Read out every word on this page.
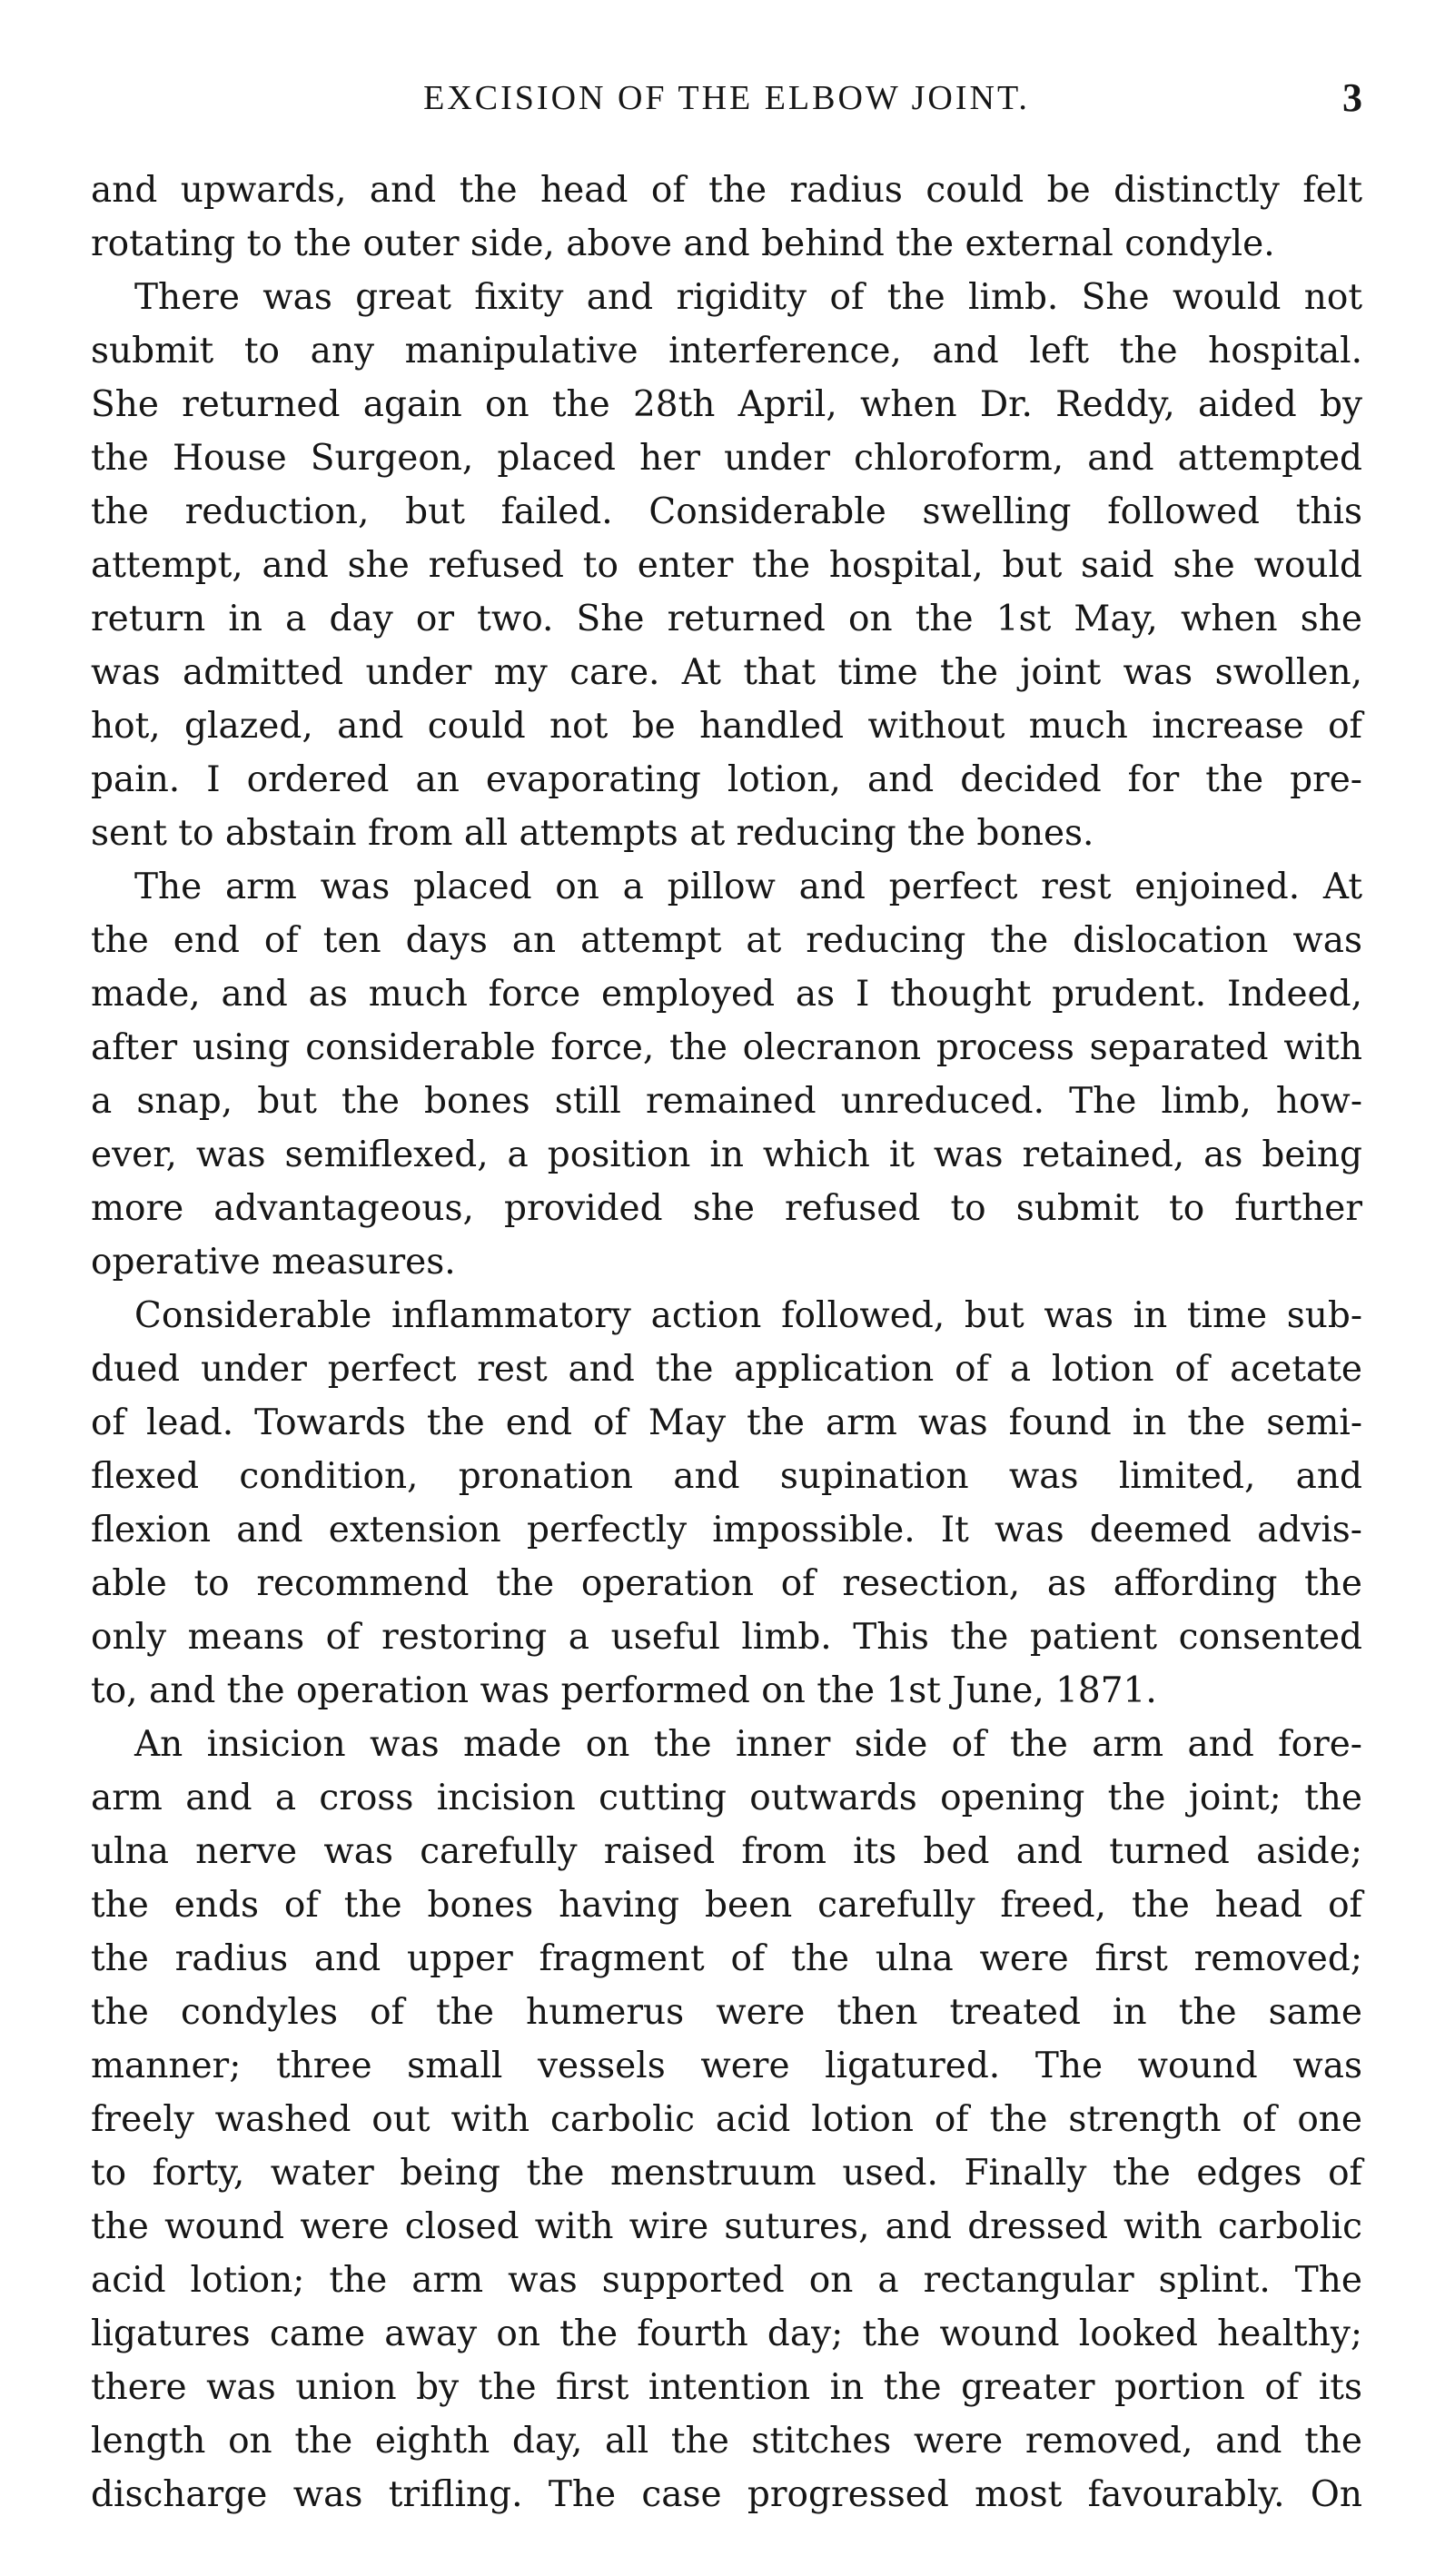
EXCISION OF THE ELBOW JOINT.	3
and upwards, and the head of the radius could be distinctly felt
rotating to the outer side, above and behind the external condyle.
There was great fixity and rigidity of the limb. She would not
submit to any manipulative interference, and left the hospital.
She returned again on the 28th April, when Dr. Reddy, aided by
the House Surgeon, placed her under chloroform, and attempted
the reduction, but failed. Considerable swelling followed this
attempt, and she refused to enter the hospital, but said she would
return in a day or two. She returned on the 1st May, when she
was admitted under my care. At that time the joint was swollen,
hot, glazed, and could not be handled without much increase of
pain. I ordered an evaporating lotion, and decided for the pre-
sent to abstain from all attempts at reducing the bones.
The arm was placed on a pillow and perfect rest enjoined. At
the end of ten days an attempt at reducing the dislocation was
made, and as much force employed as I thought prudent. Indeed,
after using considerable force, the olecranon process separated with
a snap, but the bones still remained unreduced. The limb, how-
ever, was semiflexed, a position in which it was retained, as being
more advantageous, provided she refused to submit to further
operative measures.
Considerable inflammatory action followed, but was in time sub-
dued under perfect rest and the application of a lotion of acetate
of lead. Towards the end of May the arm was found in the semi-
flexed condition, pronation and supination was limited, and
flexion and extension perfectly impossible. It was deemed advis-
able to recommend the operation of resection, as affording the
only means of restoring a useful limb. This the patient consented
to, and the operation was performed on the 1st June, 1871.
An insicion was made on the inner side of the arm and fore-
arm and a cross incision cutting outwards opening the joint; the
ulna nerve was carefully raised from its bed and turned aside;
the ends of the bones having been carefully freed, the head of
the radius and upper fragment of the ulna were first removed;
the condyles of the humerus were then treated in the same
manner; three small vessels were ligatured. The wound was
freely washed out with carbolic acid lotion of the strength of one
to forty, water being the menstruum used. Finally the edges of
the wound were closed with wire sutures, and dressed with carbolic
acid lotion; the arm was supported on a rectangular splint. The
ligatures came away on the fourth day; the wound looked healthy;
there was union by the first intention in the greater portion of its
length on the eighth day, all the stitches were removed, and the
discharge was trifling. The case progressed most favourably. On
